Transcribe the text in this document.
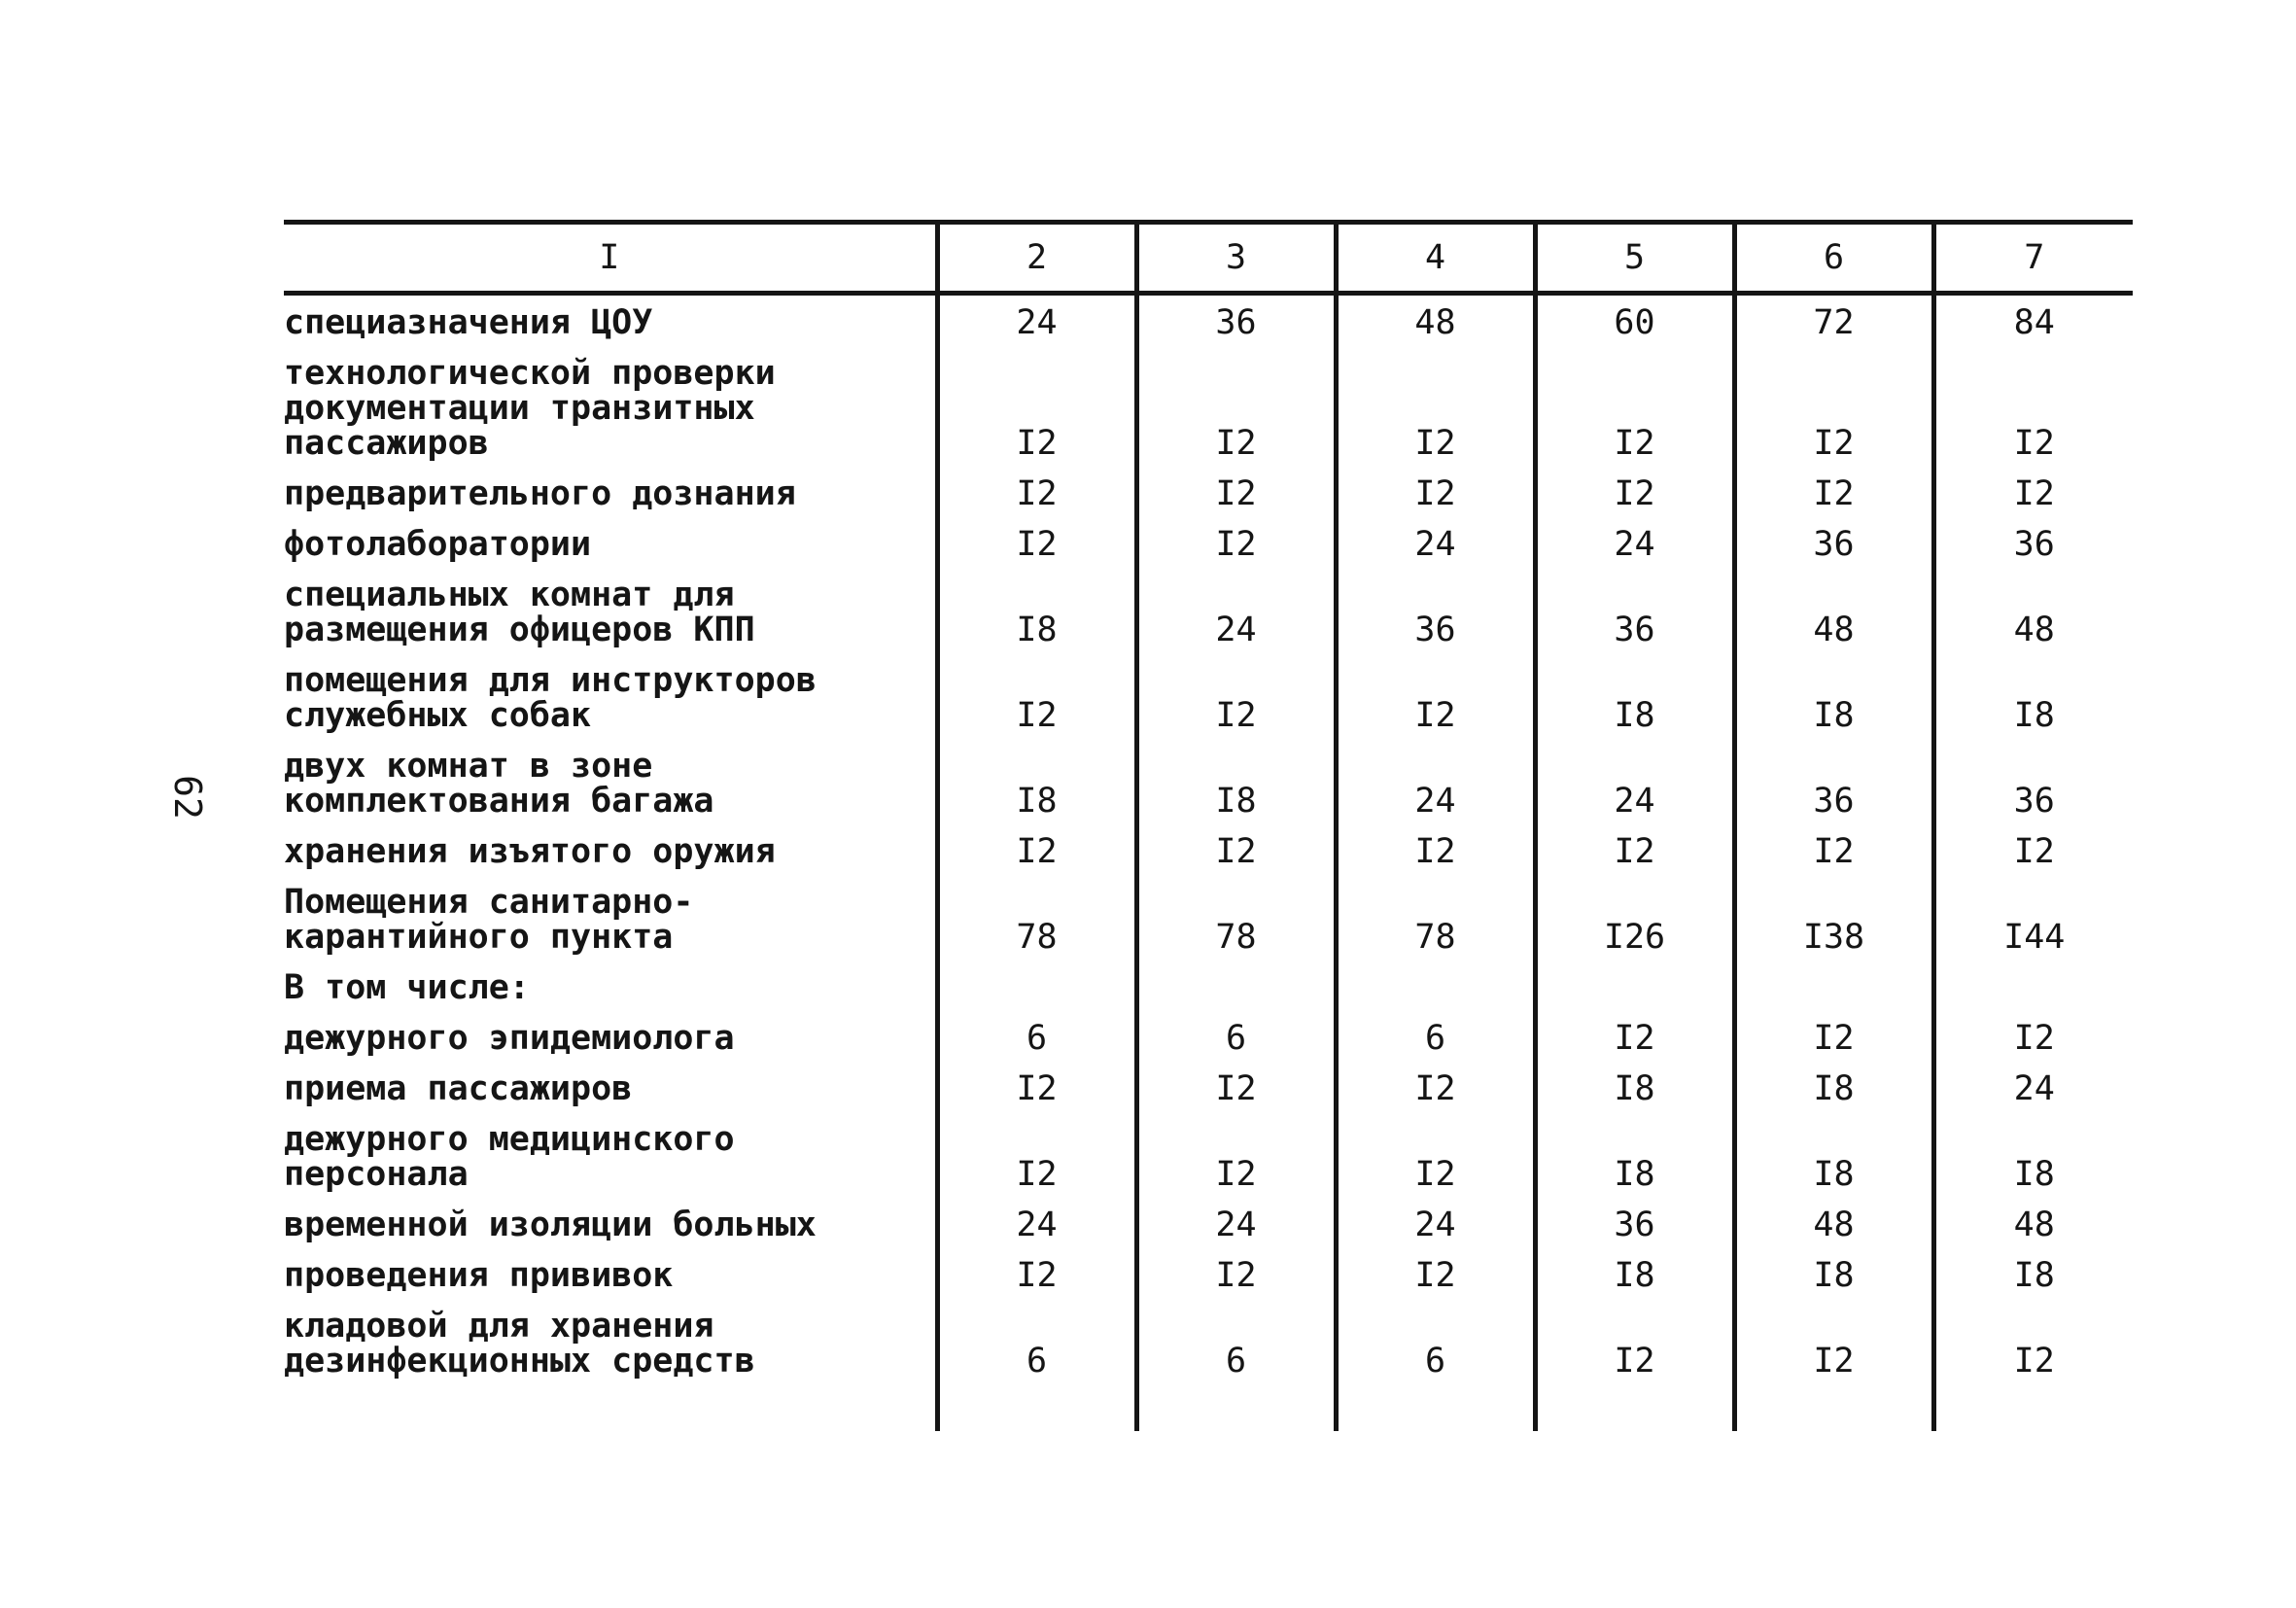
62
I	2	3	4	5	6	7
специазначения ЦОУ	24	36	48	60	72	84
технологической проверки документации транзитных пассажиров	I2	I2	I2	I2	I2	I2
предварительного дознания	I2	I2	I2	I2	I2	I2
фотолаборатории	I2	I2	24	24	36	36
специальных комнат для размещения офицеров КПП	I8	24	36	36	48	48
помещения для инструкторов служебных собак	I2	I2	I2	I8	I8	I8
двух комнат в зоне комплектования багажа	I8	I8	24	24	36	36
хранения изъятого оружия	I2	I2	I2	I2	I2	I2
Помещения санитарно-карантийного пункта	78	78	78	I26	I38	I44
В том числе:						
дежурного эпидемиолога	6	6	6	I2	I2	I2
приема пассажиров	I2	I2	I2	I8	I8	24
дежурного медицинского персонала	I2	I2	I2	I8	I8	I8
временной изоляции больных	24	24	24	36	48	48
проведения прививок	I2	I2	I2	I8	I8	I8
кладовой для хранения дезинфекционных средств	6	6	6	I2	I2	I2
